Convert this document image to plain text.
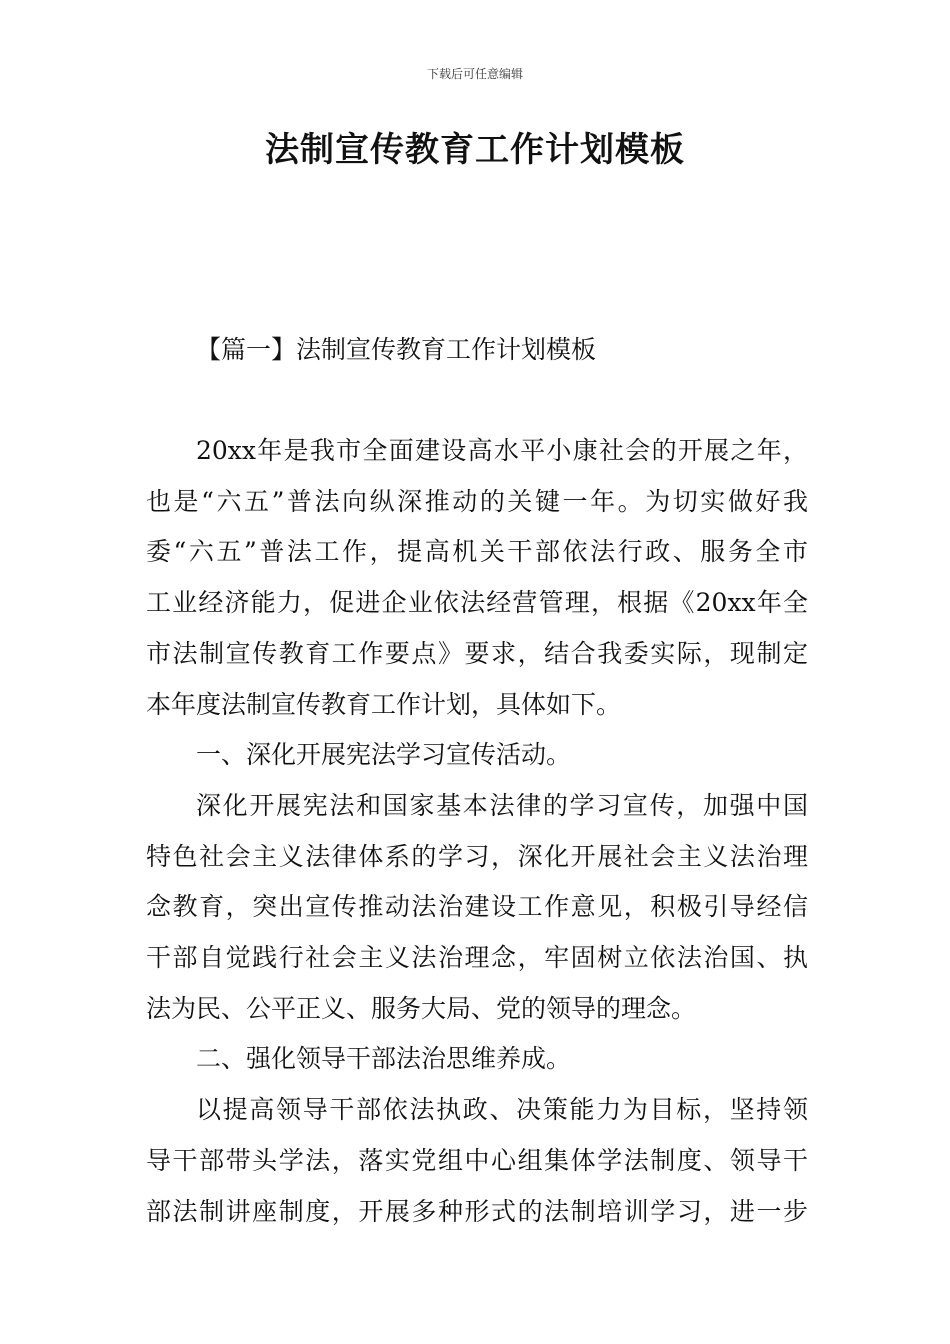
下载后可任意编辑
法制宣传教育工作计划模板
【篇一】法制宣传教育工作计划模板

20xx年是我市全面建设高水平小康社会的开展之年，
也是“六五”普法向纵深推动的关键一年。为切实做好我
委“六五”普法工作，提高机关干部依法行政、服务全市
工业经济能力，促进企业依法经营管理，根据《20xx年全
市法制宣传教育工作要点》要求，结合我委实际，现制定
本年度法制宣传教育工作计划，具体如下。

一、深化开展宪法学习宣传活动。

深化开展宪法和国家基本法律的学习宣传，加强中国
特色社会主义法律体系的学习，深化开展社会主义法治理
念教育，突出宣传推动法治建设工作意见，积极引导经信
干部自觉践行社会主义法治理念，牢固树立依法治国、执
法为民、公平正义、服务大局、党的领导的理念。

二、强化领导干部法治思维养成。

以提高领导干部依法执政、决策能力为目标，坚持领
导干部带头学法，落实党组中心组集体学法制度、领导干
部法制讲座制度，开展多种形式的法制培训学习，进一步
